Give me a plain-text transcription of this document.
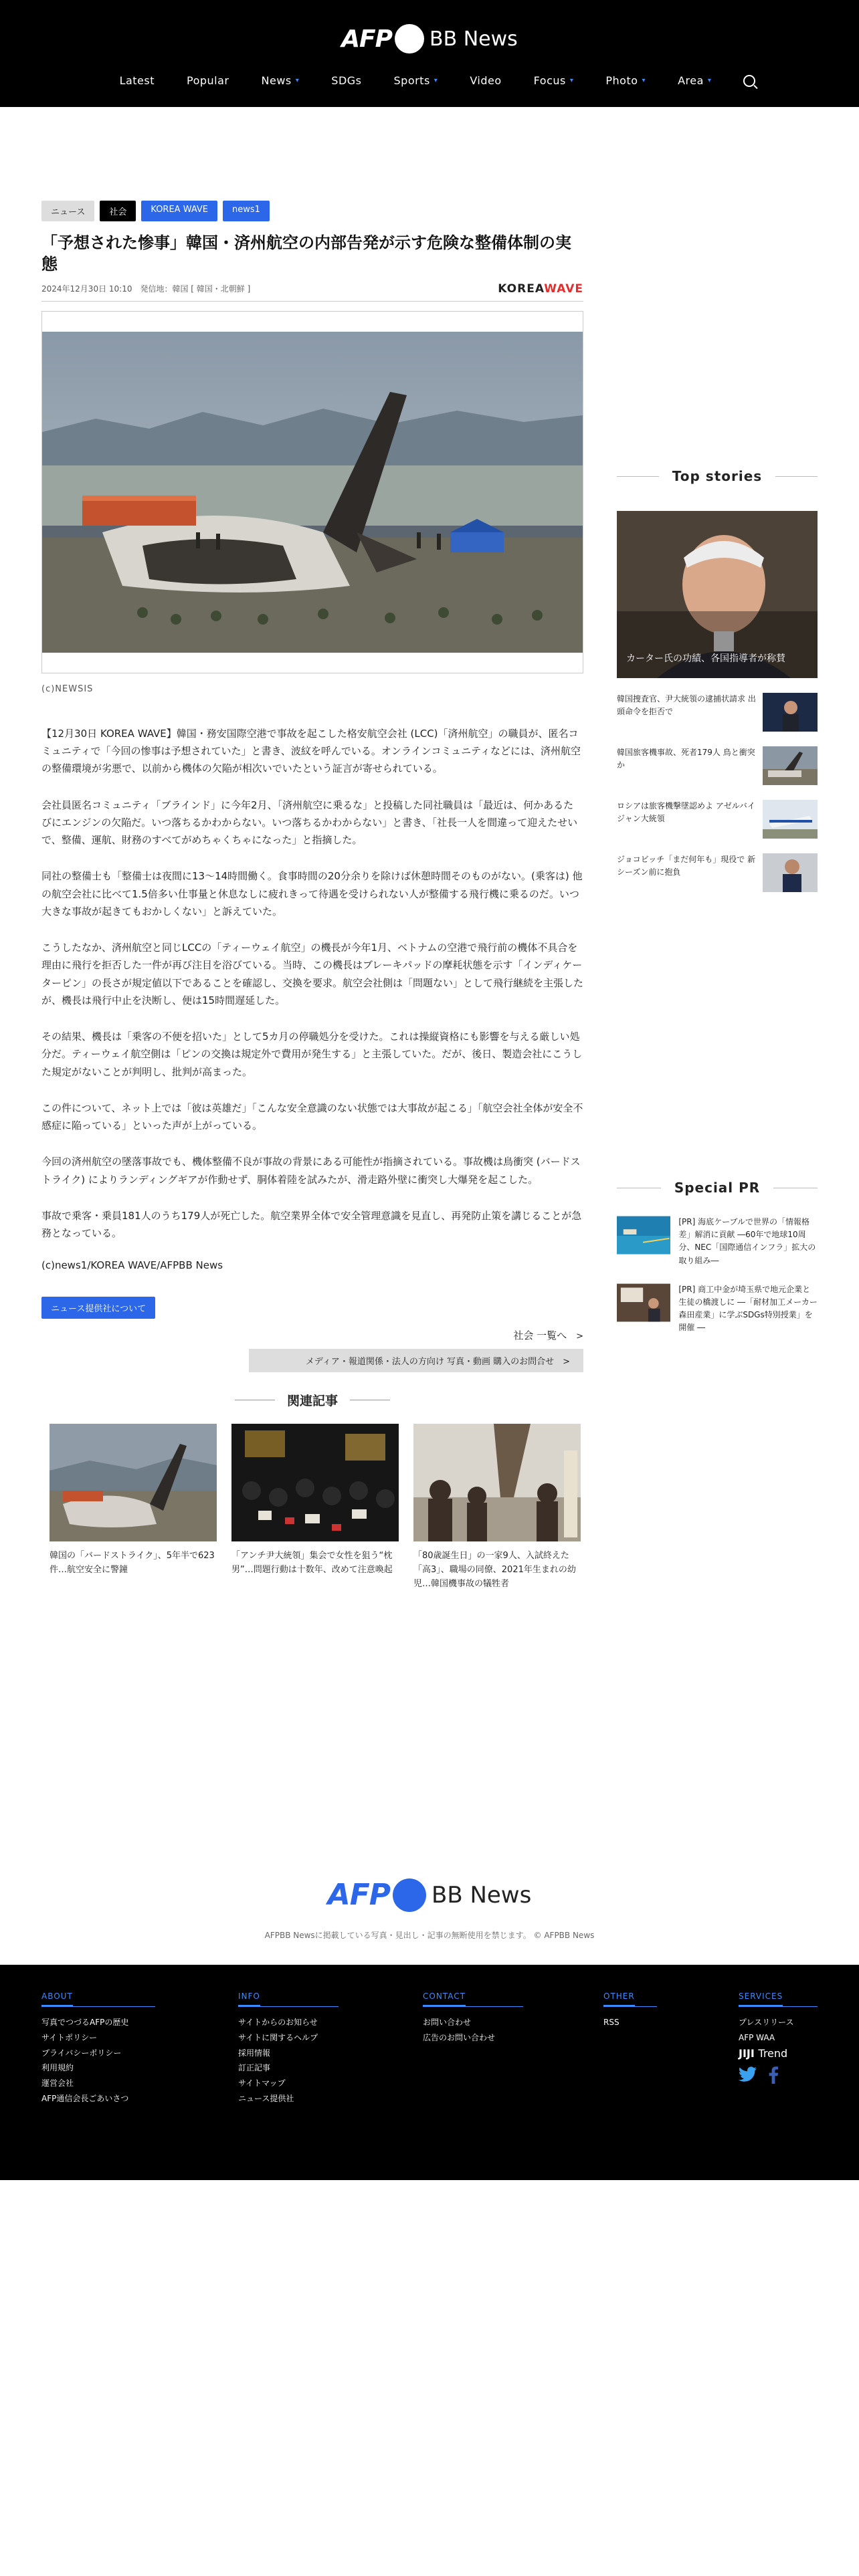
AFP BB News
Latest	Popular	News ▾	SDGs	Sports ▾	Video	Focus ▾	Photo ▾	Area ▾
ニュース	社会	KOREA WAVE	news1
「予想された惨事」韓国・済州航空の内部告発が示す危険な整備体制の実態
2024年12月30日 10:10　発信地：韓国 [ 韓国・北朝鮮 ]	KOREAWAVE
(c)NEWSIS

【12月30日 KOREA WAVE】韓国・務安国際空港で事故を起こした格安航空会社 (LCC)「済州航空」の職員が、匿名コミュニティで「今回の惨事は予想されていた」と書き、波紋を呼んでいる。オンラインコミュニティなどには、済州航空の整備環境が劣悪で、以前から機体の欠陥が相次いでいたという証言が寄せられている。

会社員匿名コミュニティ「ブラインド」に今年2月、「済州航空に乗るな」と投稿した同社職員は「最近は、何かあるたびにエンジンの欠陥だ。いつ落ちるかわからない。いつ落ちるかわからない」と書き、「社長一人を間違って迎えたせいで、整備、運航、財務のすべてがめちゃくちゃになった」と指摘した。

同社の整備士も「整備士は夜間に13～14時間働く。食事時間の20分余りを除けば休憩時間そのものがない。(乗客は) 他の航空会社に比べて1.5倍多い仕事量と休息なしに疲れきって待遇を受けられない人が整備する飛行機に乗るのだ。いつ大きな事故が起きてもおかしくない」と訴えていた。

こうしたなか、済州航空と同じLCCの「ティーウェイ航空」の機長が今年1月、ベトナムの空港で飛行前の機体不具合を理由に飛行を拒否した一件が再び注目を浴びている。当時、この機長はブレーキパッドの摩耗状態を示す「インディケーターピン」の長さが規定値以下であることを確認し、交換を要求。航空会社側は「問題ない」として飛行継続を主張したが、機長は飛行中止を決断し、便は15時間遅延した。

その結果、機長は「乗客の不便を招いた」として5カ月の停職処分を受けた。これは操縦資格にも影響を与える厳しい処分だ。ティーウェイ航空側は「ピンの交換は規定外で費用が発生する」と主張していた。だが、後日、製造会社にこうした規定がないことが判明し、批判が高まった。

この件について、ネット上では「彼は英雄だ」「こんな安全意識のない状態では大事故が起こる」「航空会社全体が安全不感症に陥っている」といった声が上がっている。

今回の済州航空の墜落事故でも、機体整備不良が事故の背景にある可能性が指摘されている。事故機は鳥衝突 (バードストライク) によりランディングギアが作動せず、胴体着陸を試みたが、滑走路外壁に衝突し大爆発を起こした。

事故で乗客・乗員181人のうち179人が死亡した。航空業界全体で安全管理意識を見直し、再発防止策を講じることが急務となっている。

(c)news1/KOREA WAVE/AFPBB News
ニュース提供社について
社会 一覧へ >
メディア・報道関係・法人の方向け 写真・動画 購入のお問合せ　>
関連記事
韓国の「バードストライク」、5年半で623件…航空安全に警鐘
「アンチ尹大統領」集会で女性を狙う“枕男”…問題行動は十数年、改めて注意喚起
「80歳誕生日」の一家9人、入試終えた「高3」、職場の同僚、2021年生まれの幼児…韓国機事故の犠牲者
Top stories
カーター氏の功績、各国指導者が称賛
韓国捜査官、尹大統領の逮捕状請求 出頭命令を拒否で
韓国旅客機事故、死者179人 鳥と衝突か
ロシアは旅客機撃墜認めよ アゼルバイジャン大統領
ジョコビッチ「まだ何年も」現役で 新シーズン前に抱負
Special PR
[PR] 海底ケーブルで世界の「情報格差」解消に貢献 ―60年で地球10周分、NEC「国際通信インフラ」拡大の取り組み―
[PR] 商工中金が埼玉県で地元企業と生徒の橋渡しに ―「耐材加工メーカー 森田産業」に学ぶSDGs特別授業」を開催 ―
AFP BB News
AFPBB Newsに掲載している写真・見出し・記事の無断使用を禁じます。 © AFPBB News
ABOUT
写真でつづるAFPの歴史
サイトポリシー
プライバシーポリシー
利用規約
運営会社
AFP通信会長ごあいさつ
INFO
サイトからのお知らせ
サイトに関するヘルプ
採用情報
訂正記事
サイトマップ
ニュース提供社
CONTACT
お問い合わせ
広告のお問い合わせ
OTHER
RSS
SERVICES
プレスリリース
AFP WAA
JIJI Trend
